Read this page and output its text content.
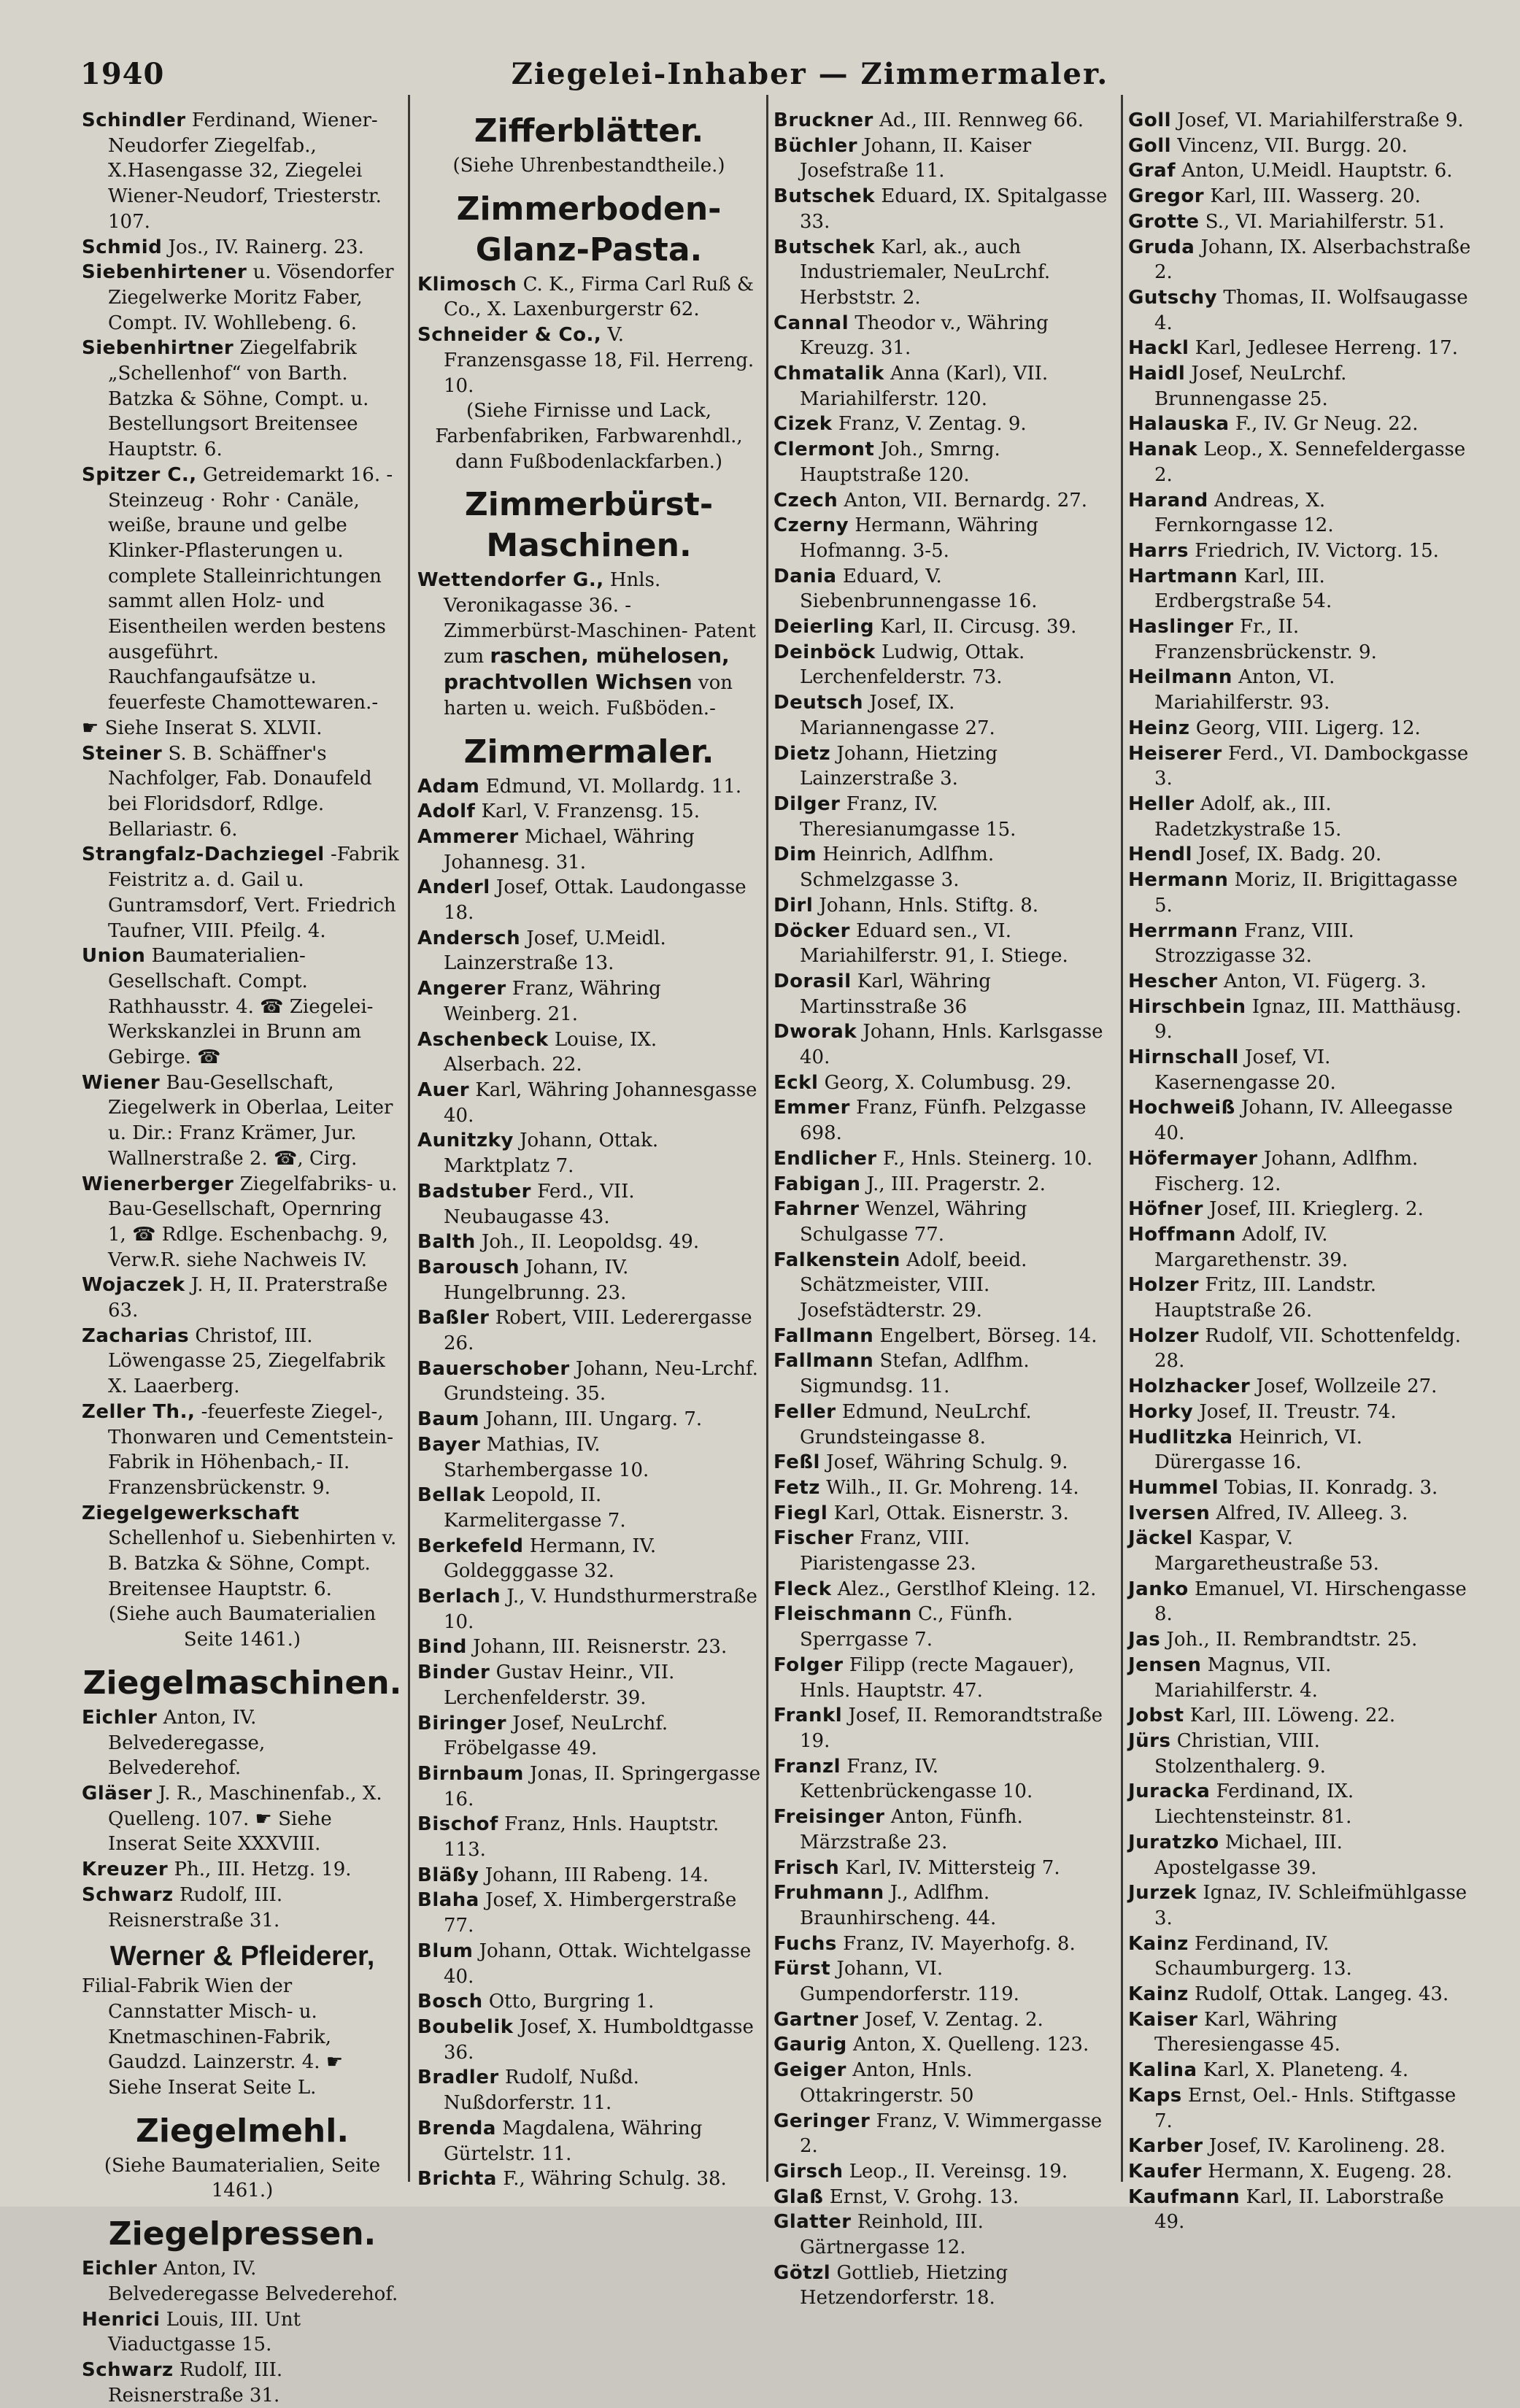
1940	Ziegelei-Inhaber — Zimmermaler.

Schindler Ferdinand, Wiener-Neudorfer Ziegelfab., X.Hasengasse 32, Ziegelei Wiener-Neudorf, Triesterstr. 107.

Schmid Jos., IV. Rainerg. 23.

Siebenhirtener u. Vösendorfer Ziegelwerke Moritz Faber, Compt. IV. Wohllebeng. 6.

Siebenhirtner Ziegelfabrik „Schellenhof“ von Barth. Batzka & Söhne, Compt. u. Bestellungsort Breitensee Hauptstr. 6.

Spitzer C., Getreidemarkt 16. -Steinzeug · Rohr · Canäle, weiße, braune und gelbe Klinker-Pflasterungen u. complete Stalleinrichtungen sammt allen Holz- und Eisentheilen werden bestens ausgeführt. Rauchfangaufsätze u. feuerfeste Chamottewaren.-

☛ Siehe Inserat S. XLVII.

Steiner S. B. Schäffner's Nachfolger, Fab. Donaufeld bei Floridsdorf, Rdlge. Bellariastr. 6.

Strangfalz-Dachziegel -Fabrik Feistritz a. d. Gail u. Guntramsdorf, Vert. Friedrich Taufner, VIII. Pfeilg. 4.

Union Baumaterialien-Gesellschaft. Compt. Rathhausstr. 4. ☎ Ziegelei-Werkskanzlei in Brunn am Gebirge. ☎

Wiener Bau-Gesellschaft, Ziegelwerk in Oberlaa, Leiter u. Dir.: Franz Krämer, Jur. Wallnerstraße 2. ☎, Cirg.

Wienerberger Ziegelfabriks- u. Bau-Gesellschaft, Opernring 1, ☎ Rdlge. Eschenbachg. 9, Verw.R. siehe Nachweis IV.

Wojaczek J. H, II. Praterstraße 63.

Zacharias Christof, III. Löwengasse 25, Ziegelfabrik X. Laaerberg.

Zeller Th., -feuerfeste Ziegel-, Thonwaren und Cementstein-Fabrik in Höhenbach,- II. Franzensbrückenstr. 9.

Ziegelgewerkschaft Schellenhof u. Siebenhirten v. B. Batzka & Söhne, Compt. Breitensee Hauptstr. 6.

(Siehe auch Baumaterialien Seite 1461.)

Ziegelmaschinen.

Eichler Anton, IV. Belvederegasse, Belvederehof.

Gläser J. R., Maschinenfab., X. Quelleng. 107. ☛ Siehe Inserat Seite XXXVIII.

Kreuzer Ph., III. Hetzg. 19.

Schwarz Rudolf, III. Reisnerstraße 31.

Werner & Pfleiderer,

Filial-Fabrik Wien der Cannstatter Misch- u. Knetmaschinen-Fabrik, Gaudzd. Lainzerstr. 4. ☛ Siehe Inserat Seite L.

Ziegelmehl.

(Siehe Baumaterialien, Seite 1461.)

Ziegelpressen.

Eichler Anton, IV. Belvederegasse Belvederehof.

Henrici Louis, III. Unt Viaductgasse 15.

Schwarz Rudolf, III. Reisnerstraße 31.

Zifferblätter.

(Siehe Uhrenbestandtheile.)

Zimmerboden-Glanz-Pasta.

Klimosch C. K., Firma Carl Ruß & Co., X. Laxenburgerstr 62.

Schneider & Co., V. Franzensgasse 18, Fil. Herreng. 10.

(Siehe Firnisse und Lack, Farbenfabriken, Farbwarenhdl., dann Fußbodenlackfarben.)

Zimmerbürst-Maschinen.

Wettendorfer G., Hnls. Veronikagasse 36. -Zimmerbürst-Maschinen- Patent zum raschen, mühelosen, prachtvollen Wichsen von harten u. weich. Fußböden.-

Zimmermaler.

Adam Edmund, VI. Mollardg. 11.

Adolf Karl, V. Franzensg. 15.

Ammerer Michael, Währing Johannesg. 31.

Anderl Josef, Ottak. Laudongasse 18.

Andersch Josef, U.Meidl. Lainzerstraße 13.

Angerer Franz, Währing Weinberg. 21.

Aschenbeck Louise, IX. Alserbach. 22.

Auer Karl, Währing Johannesgasse 40.

Aunitzky Johann, Ottak. Marktplatz 7.

Badstuber Ferd., VII. Neubaugasse 43.

Balth Joh., II. Leopoldsg. 49.

Barousch Johann, IV. Hungelbrunng. 23.

Baßler Robert, VIII. Lederergasse 26.

Bauerschober Johann, Neu-Lrchf. Grundsteing. 35.

Baum Johann, III. Ungarg. 7.

Bayer Mathias, IV. Starhembergasse 10.

Bellak Leopold, II. Karmelitergasse 7.

Berkefeld Hermann, IV. Goldegggasse 32.

Berlach J., V. Hundsthurmerstraße 10.

Bind Johann, III. Reisnerstr. 23.

Binder Gustav Heinr., VII. Lerchenfelderstr. 39.

Biringer Josef, NeuLrchf. Fröbelgasse 49.

Birnbaum Jonas, II. Springergasse 16.

Bischof Franz, Hnls. Hauptstr. 113.

Bläßy Johann, III Rabeng. 14.

Blaha Josef, X. Himbergerstraße 77.

Blum Johann, Ottak. Wichtelgasse 40.

Bosch Otto, Burgring 1.

Boubelik Josef, X. Humboldtgasse 36.

Bradler Rudolf, Nußd. Nußdorferstr. 11.

Brenda Magdalena, Währing Gürtelstr. 11.

Brichta F., Währing Schulg. 38.

Bruckner Ad., III. Rennweg 66.

Büchler Johann, II. Kaiser Josefstraße 11.

Butschek Eduard, IX. Spitalgasse 33.

Butschek Karl, ak., auch Industriemaler, NeuLrchf. Herbststr. 2.

Cannal Theodor v., Währing Kreuzg. 31.

Chmatalik Anna (Karl), VII. Mariahilferstr. 120.

Cizek Franz, V. Zentag. 9.

Clermont Joh., Smrng. Hauptstraße 120.

Czech Anton, VII. Bernardg. 27.

Czerny Hermann, Währing Hofmanng. 3-5.

Dania Eduard, V. Siebenbrunnengasse 16.

Deierling Karl, II. Circusg. 39.

Deinböck Ludwig, Ottak. Lerchenfelderstr. 73.

Deutsch Josef, IX. Mariannengasse 27.

Dietz Johann, Hietzing Lainzerstraße 3.

Dilger Franz, IV. Theresianumgasse 15.

Dim Heinrich, Adlfhm. Schmelzgasse 3.

Dirl Johann, Hnls. Stiftg. 8.

Döcker Eduard sen., VI. Mariahilferstr. 91, I. Stiege.

Dorasil Karl, Währing Martinsstraße 36

Dworak Johann, Hnls. Karlsgasse 40.

Eckl Georg, X. Columbusg. 29.

Emmer Franz, Fünfh. Pelzgasse 698.

Endlicher F., Hnls. Steinerg. 10.

Fabigan J., III. Pragerstr. 2.

Fahrner Wenzel, Währing Schulgasse 77.

Falkenstein Adolf, beeid. Schätzmeister, VIII. Josefstädterstr. 29.

Fallmann Engelbert, Börseg. 14.

Fallmann Stefan, Adlfhm. Sigmundsg. 11.

Feller Edmund, NeuLrchf. Grundsteingasse 8.

Feßl Josef, Währing Schulg. 9.

Fetz Wilh., II. Gr. Mohreng. 14.

Fiegl Karl, Ottak. Eisnerstr. 3.

Fischer Franz, VIII. Piaristengasse 23.

Fleck Alez., Gerstlhof Kleing. 12.

Fleischmann C., Fünfh. Sperrgasse 7.

Folger Filipp (recte Magauer), Hnls. Hauptstr. 47.

Frankl Josef, II. Remorandtstraße 19.

Franzl Franz, IV. Kettenbrückengasse 10.

Freisinger Anton, Fünfh. Märzstraße 23.

Frisch Karl, IV. Mittersteig 7.

Fruhmann J., Adlfhm. Braunhirscheng. 44.

Fuchs Franz, IV. Mayerhofg. 8.

Fürst Johann, VI. Gumpendorferstr. 119.

Gartner Josef, V. Zentag. 2.

Gaurig Anton, X. Quelleng. 123.

Geiger Anton, Hnls. Ottakringerstr. 50

Geringer Franz, V. Wimmergasse 2.

Girsch Leop., II. Vereinsg. 19.

Glaß Ernst, V. Grohg. 13.

Glatter Reinhold, III. Gärtnergasse 12.

Götzl Gottlieb, Hietzing Hetzendorferstr. 18.

Goll Josef, VI. Mariahilferstraße 9.

Goll Vincenz, VII. Burgg. 20.

Graf Anton, U.Meidl. Hauptstr. 6.

Gregor Karl, III. Wasserg. 20.

Grotte S., VI. Mariahilferstr. 51.

Gruda Johann, IX. Alserbachstraße 2.

Gutschy Thomas, II. Wolfsaugasse 4.

Hackl Karl, Jedlesee Herreng. 17.

Haidl Josef, NeuLrchf. Brunnengasse 25.

Halauska F., IV. Gr Neug. 22.

Hanak Leop., X. Sennefeldergasse 2.

Harand Andreas, X. Fernkorngasse 12.

Harrs Friedrich, IV. Victorg. 15.

Hartmann Karl, III. Erdbergstraße 54.

Haslinger Fr., II. Franzensbrückenstr. 9.

Heilmann Anton, VI. Mariahilferstr. 93.

Heinz Georg, VIII. Ligerg. 12.

Heiserer Ferd., VI. Dambockgasse 3.

Heller Adolf, ak., III. Radetzkystraße 15.

Hendl Josef, IX. Badg. 20.

Hermann Moriz, II. Brigittagasse 5.

Herrmann Franz, VIII. Strozzigasse 32.

Hescher Anton, VI. Fügerg. 3.

Hirschbein Ignaz, III. Matthäusg. 9.

Hirnschall Josef, VI. Kasernengasse 20.

Hochweiß Johann, IV. Alleegasse 40.

Höfermayer Johann, Adlfhm. Fischerg. 12.

Höfner Josef, III. Krieglerg. 2.

Hoffmann Adolf, IV. Margarethenstr. 39.

Holzer Fritz, III. Landstr. Hauptstraße 26.

Holzer Rudolf, VII. Schottenfeldg. 28.

Holzhacker Josef, Wollzeile 27.

Horky Josef, II. Treustr. 74.

Hudlitzka Heinrich, VI. Dürergasse 16.

Hummel Tobias, II. Konradg. 3.

Iversen Alfred, IV. Alleeg. 3.

Jäckel Kaspar, V. Margaretheustraße 53.

Janko Emanuel, VI. Hirschengasse 8.

Jas Joh., II. Rembrandtstr. 25.

Jensen Magnus, VII. Mariahilferstr. 4.

Jobst Karl, III. Löweng. 22.

Jürs Christian, VIII. Stolzenthalerg. 9.

Juracka Ferdinand, IX. Liechtensteinstr. 81.

Juratzko Michael, III. Apostelgasse 39.

Jurzek Ignaz, IV. Schleifmühlgasse 3.

Kainz Ferdinand, IV. Schaumburgerg. 13.

Kainz Rudolf, Ottak. Langeg. 43.

Kaiser Karl, Währing Theresiengasse 45.

Kalina Karl, X. Planeteng. 4.

Kaps Ernst, Oel.- Hnls. Stiftgasse 7.

Karber Josef, IV. Karolineng. 28.

Kaufer Hermann, X. Eugeng. 28.

Kaufmann Karl, II. Laborstraße 49.
